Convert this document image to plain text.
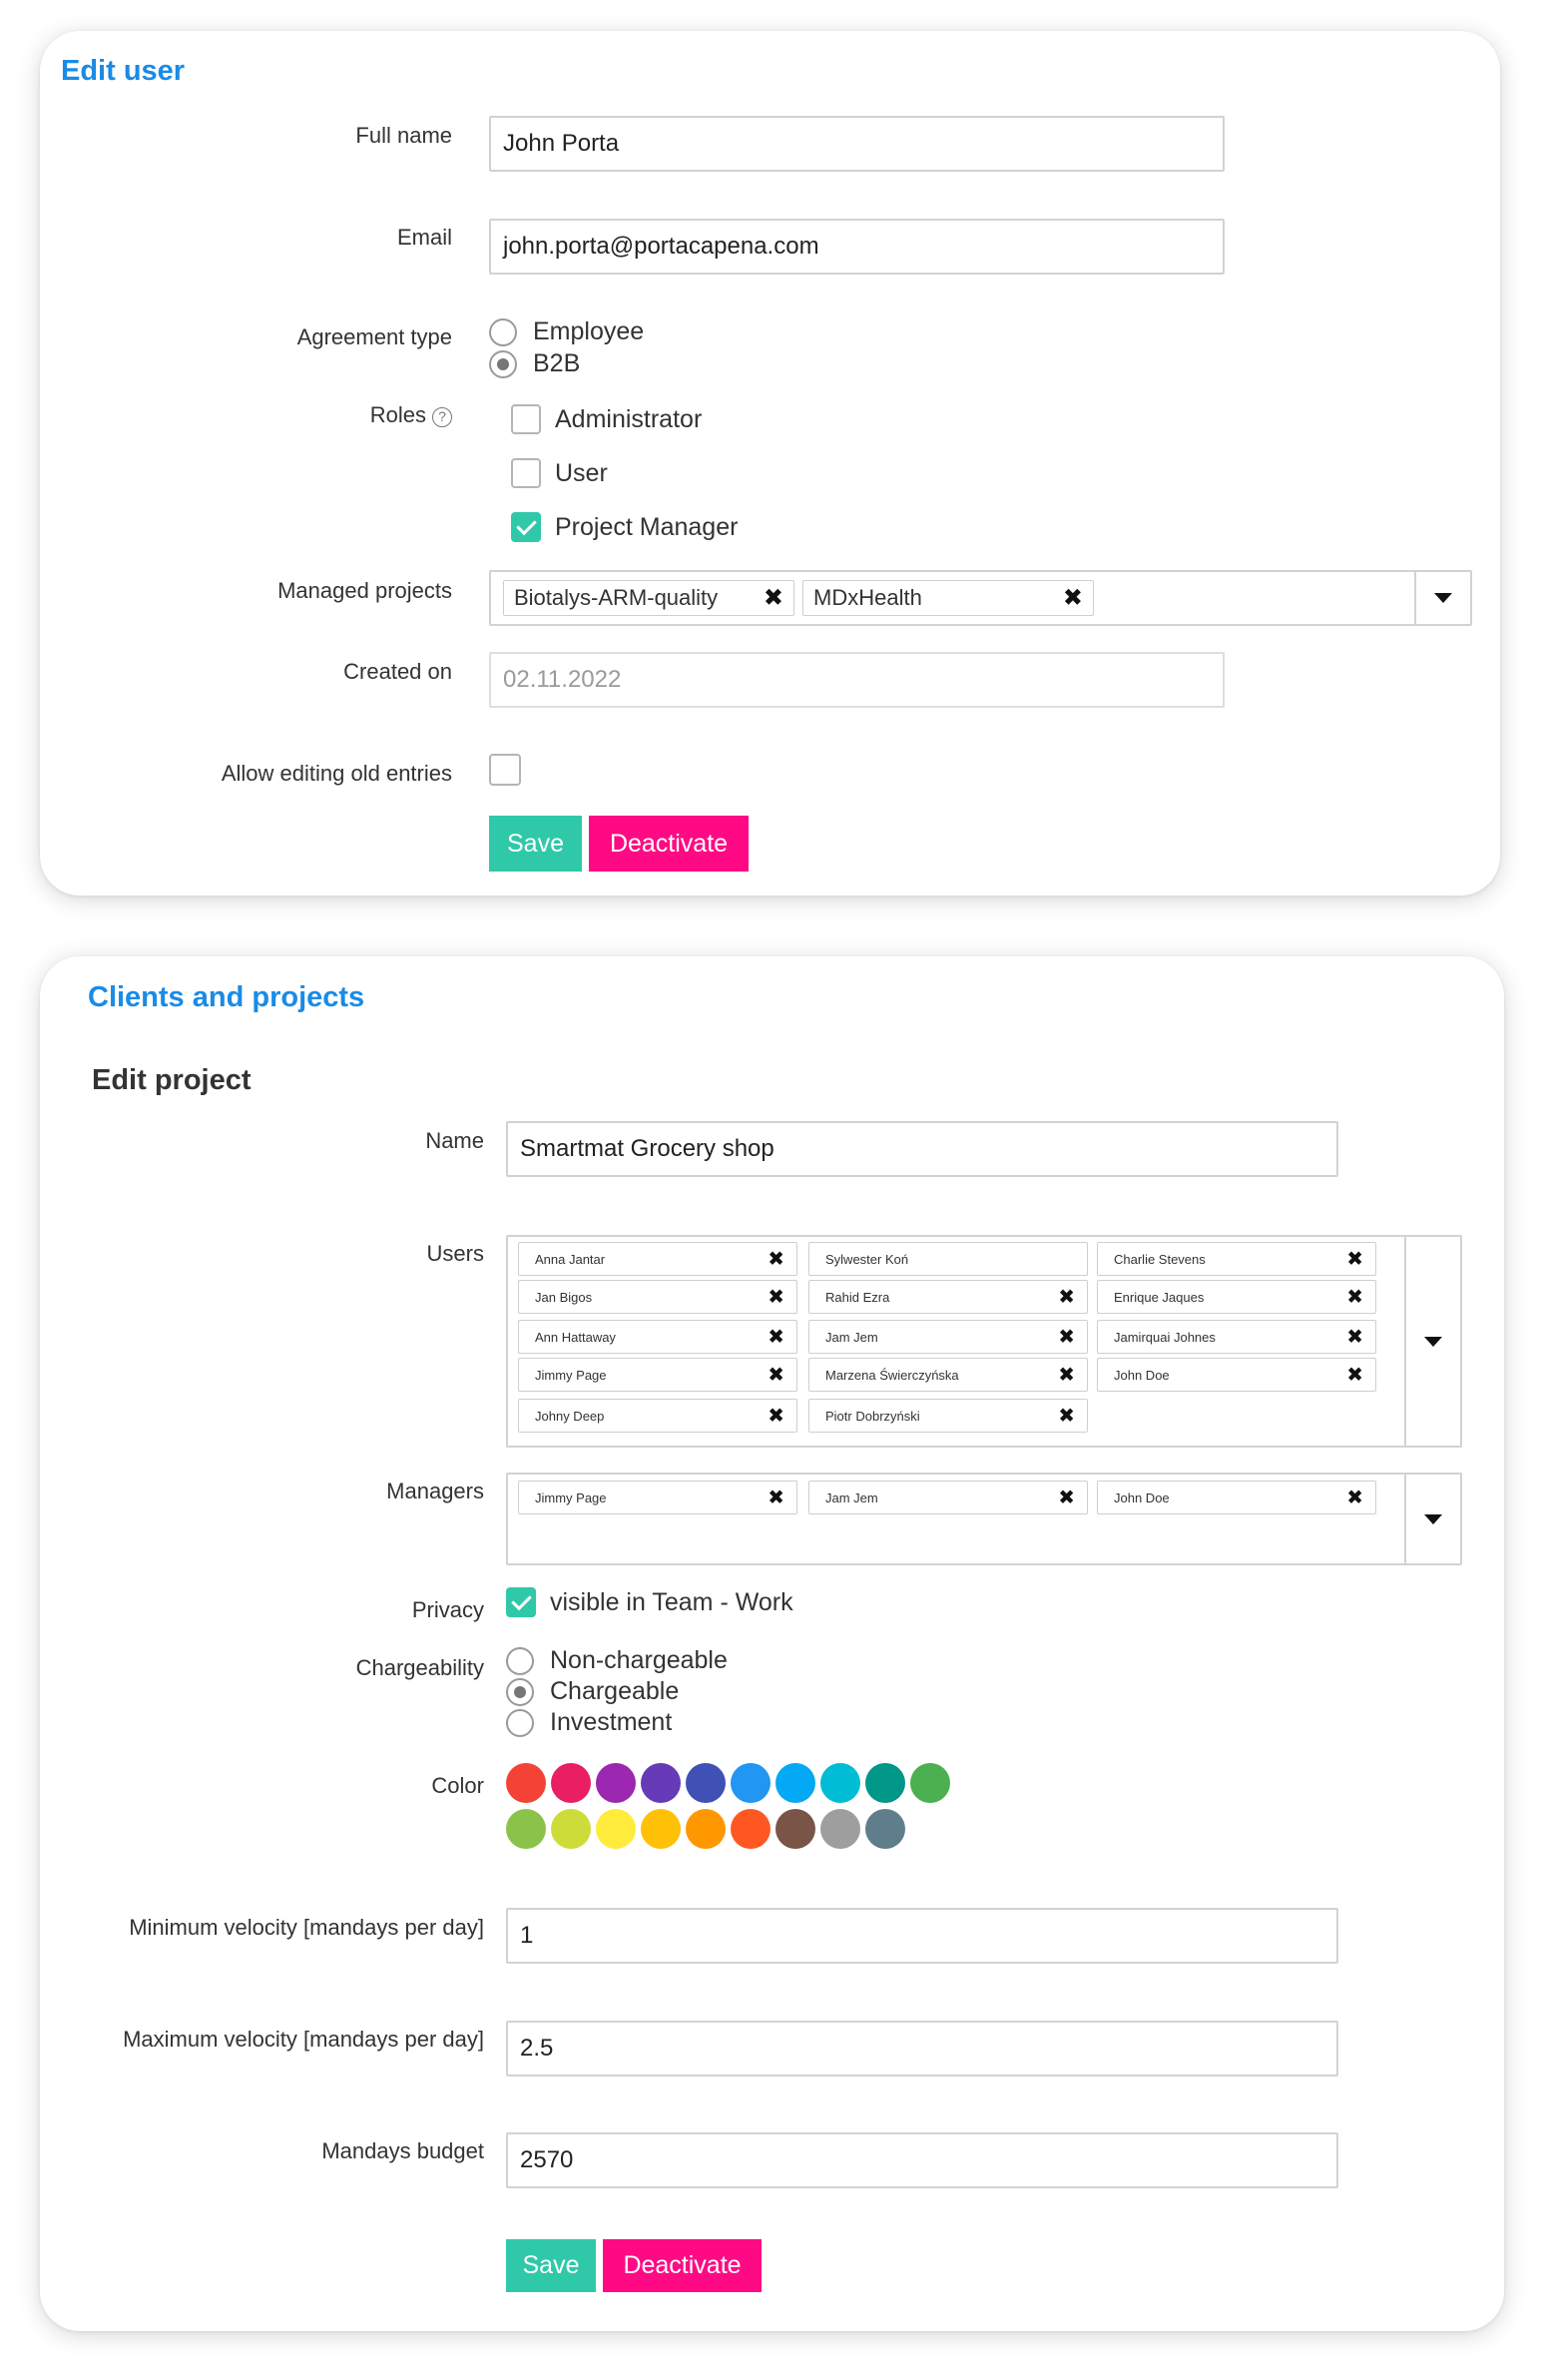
Edit user
Full name	John Porta
Email	john.porta@portacapena.com
Agreement type	Employee
B2B
Roles ?	Administrator
User
Project Manager
Managed projects	Biotalys-ARM-quality ✖ MDxHealth	✖
Created on	02.11.2022
Allow editing old entries
Save	Deactivate
Clients and projects
Edit project
Name	Smartmat Grocery shop
Users	Anna Jantar	✖	Sylwester Koń	Charlie Stevens	✖
Jan Bigos	✖	Rahid Ezra	✖	Enrique Jaques	✖
Ann Hattaway	✖	Jam Jem	✖	Jamirquai Johnes	✖
Jimmy Page	✖	Marzena Świerczyńska	✖	John Doe	✖
Johny Deep	✖	Piotr Dobrzyński	✖
Managers	Jimmy Page	✖	Jam Jem	✖	John Doe	✖
Privacy	visible in Team - Work
Chargeability	Non-chargeable
Chargeable
Investment
Color
Minimum velocity [mandays per day]	1
Maximum velocity [mandays per day]	2.5
Mandays budget	2570
Save	Deactivate
